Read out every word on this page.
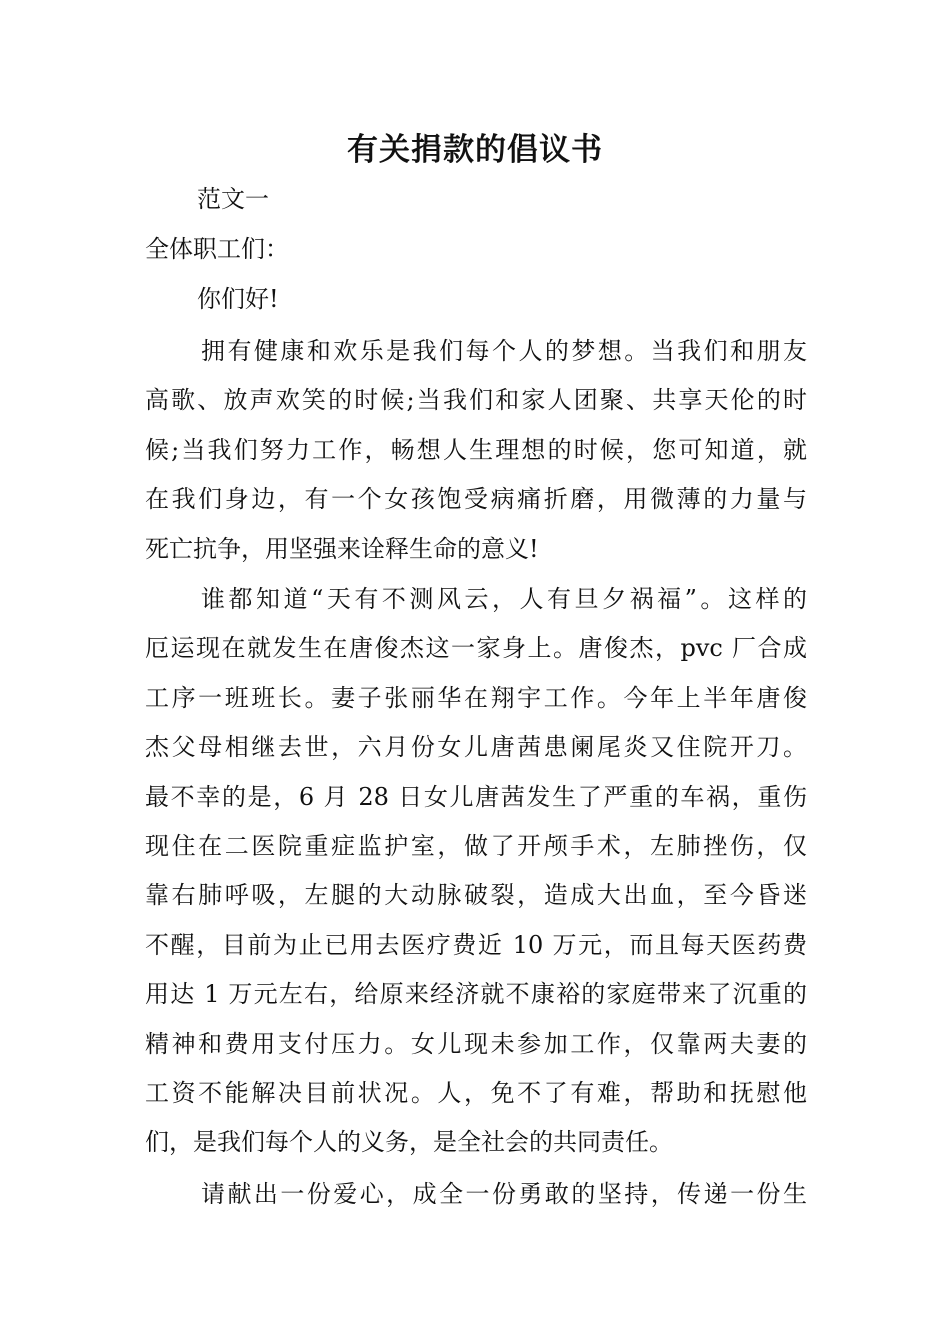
有关捐款的倡议书
范文一
全体职工们：
你们好!
拥有健康和欢乐是我们每个人的梦想。当我们和朋友
高歌、放声欢笑的时候;当我们和家人团聚、共享天伦的时
候;当我们努力工作，畅想人生理想的时候，您可知道，就
在我们身边，有一个女孩饱受病痛折磨，用微薄的力量与
死亡抗争，用坚强来诠释生命的意义!
谁都知道“天有不测风云，人有旦夕祸福”。这样的
厄运现在就发生在唐俊杰这一家身上。唐俊杰，pvc 厂合成
工序一班班长。妻子张丽华在翔宇工作。今年上半年唐俊
杰父母相继去世，六月份女儿唐茜患阑尾炎又住院开刀。
最不幸的是，6 月 28 日女儿唐茜发生了严重的车祸，重伤
现住在二医院重症监护室，做了开颅手术，左肺挫伤，仅
靠右肺呼吸，左腿的大动脉破裂，造成大出血，至今昏迷
不醒，目前为止已用去医疗费近 10 万元，而且每天医药费
用达 1 万元左右，给原来经济就不康裕的家庭带来了沉重的
精神和费用支付压力。女儿现未参加工作，仅靠两夫妻的
工资不能解决目前状况。人，免不了有难，帮助和抚慰他
们，是我们每个人的义务，是全社会的共同责任。
请献出一份爱心，成全一份勇敢的坚持，传递一份生
